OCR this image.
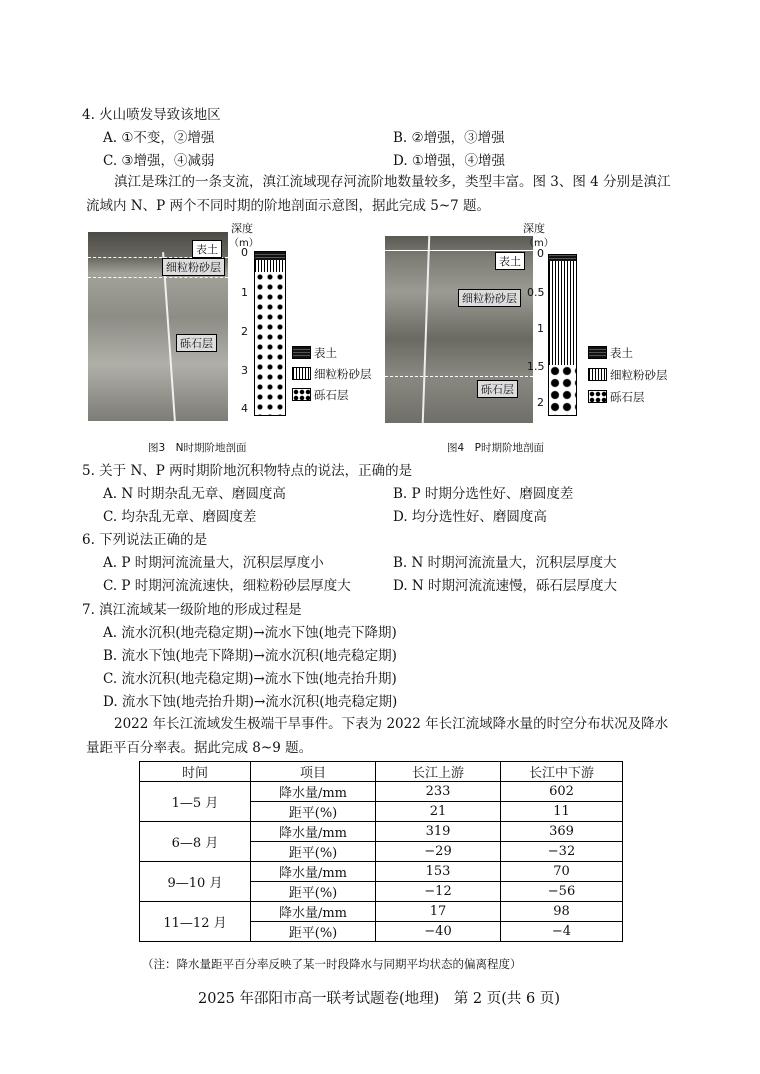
4. 火山喷发导致该地区
A. ①不变，②增强	B. ②增强，③增强
C. ③增强，④减弱	D. ①增强，④增强
滇江是珠江的一条支流，滇江流域现存河流阶地数量较多，类型丰富。图 3、图 4 分别是滇江流域内 N、P 两个不同时期的阶地剖面示意图，据此完成 5~7 题。
表土
细粒粉砂层
砾石层
深度
（m）
0
1
2
3
4
表土
细粒粉砂层
砾石层
图3　N时期阶地剖面
表土
细粒粉砂层
砾石层
深度
（m）
0
0.5
1
1.5
2
表土
细粒粉砂层
砾石层
图4　P时期阶地剖面
5. 关于 N、P 两时期阶地沉积物特点的说法，正确的是
A. N 时期杂乱无章、磨圆度高	B. P 时期分选性好、磨圆度差
C. 均杂乱无章、磨圆度差	D. 均分选性好、磨圆度高
6. 下列说法正确的是
A. P 时期河流流量大，沉积层厚度小	B. N 时期河流流量大，沉积层厚度大
C. P 时期河流流速快，细粒粉砂层厚度大	D. N 时期河流流速慢，砾石层厚度大
7. 滇江流域某一级阶地的形成过程是
A. 流水沉积(地壳稳定期)→流水下蚀(地壳下降期)
B. 流水下蚀(地壳下降期)→流水沉积(地壳稳定期)
C. 流水沉积(地壳稳定期)→流水下蚀(地壳抬升期)
D. 流水下蚀(地壳抬升期)→流水沉积(地壳稳定期)
2022 年长江流域发生极端干旱事件。下表为 2022 年长江流域降水量的时空分布状况及降水量距平百分率表。据此完成 8~9 题。
时间	项目	长江上游	长江中下游
1—5 月	降水量/mm	233	602
	距平(%)	21	11
6—8 月	降水量/mm	319	369
	距平(%)	−29	−32
9—10 月	降水量/mm	153	70
	距平(%)	−12	−56
11—12 月	降水量/mm	17	98
	距平(%)	−40	−4
（注：降水量距平百分率反映了某一时段降水与同期平均状态的偏离程度）
2025 年邵阳市高一联考试题卷(地理)　第 2 页(共 6 页)
